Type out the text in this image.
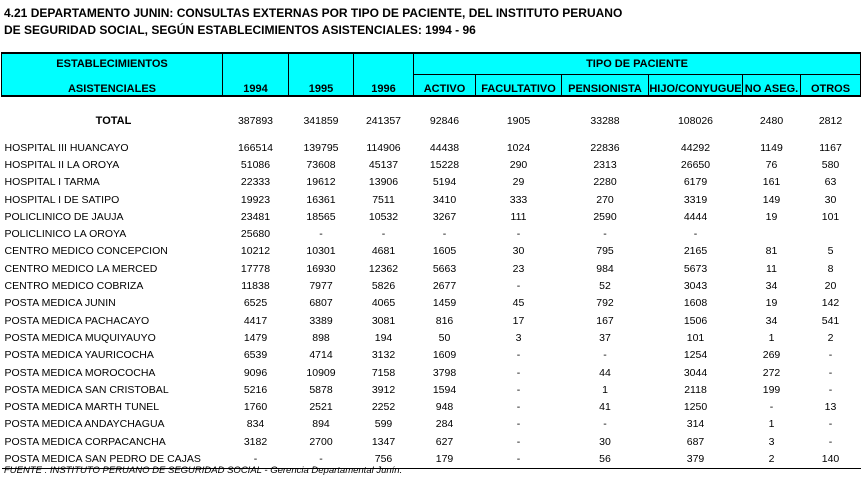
4.21 DEPARTAMENTO JUNIN: CONSULTAS EXTERNAS POR TIPO DE PACIENTE, DEL INSTITUTO PERUANO
DE SEGURIDAD SOCIAL, SEGÚN ESTABLECIMIENTOS ASISTENCIALES: 1994 - 96
ESTABLECIMIENTOS				TIPO DE PACIENTE					
ASISTENCIALES	1994	1995	1996	ACTIVO	FACULTATIVO	PENSIONISTA	HIJO/CONYUGUE	NO ASEG.	OTROS

TOTAL	387893	341859	241357	92846	1905	33288	108026	2480	2812

HOSPITAL III HUANCAYO	166514	139795	114906	44438	1024	22836	44292	1149	1167
HOSPITAL II LA OROYA	51086	73608	45137	15228	290	2313	26650	76	580
HOSPITAL I TARMA	22333	19612	13906	5194	29	2280	6179	161	63
HOSPITAL I DE SATIPO	19923	16361	7511	3410	333	270	3319	149	30
POLICLINICO DE JAUJA	23481	18565	10532	3267	111	2590	4444	19	101
POLICLINICO LA OROYA	25680	-	-	-	-	-	-		
CENTRO MEDICO CONCEPCION	10212	10301	4681	1605	30	795	2165	81	5
CENTRO MEDICO LA MERCED	17778	16930	12362	5663	23	984	5673	11	8
CENTRO MEDICO COBRIZA	11838	7977	5826	2677	-	52	3043	34	20
POSTA MEDICA JUNIN	6525	6807	4065	1459	45	792	1608	19	142
POSTA MEDICA PACHACAYO	4417	3389	3081	816	17	167	1506	34	541
POSTA MEDICA MUQUIYAUYO	1479	898	194	50	3	37	101	1	2
POSTA MEDICA YAURICOCHA	6539	4714	3132	1609	-	-	1254	269	-
POSTA MEDICA MOROCOCHA	9096	10909	7158	3798	-	44	3044	272	-
POSTA MEDICA SAN CRISTOBAL	5216	5878	3912	1594	-	1	2118	199	-
POSTA MEDICA MARTH TUNEL	1760	2521	2252	948	-	41	1250	-	13
POSTA MEDICA ANDAYCHAGUA	834	894	599	284	-	-	314	1	-
POSTA MEDICA CORPACANCHA	3182	2700	1347	627	-	30	687	3	-
POSTA MEDICA SAN PEDRO DE CAJAS	-	-	756	179	-	56	379	2	140
FUENTE : INSTITUTO PERUANO DE SEGURIDAD SOCIAL - Gerencia Departamental Junín.
